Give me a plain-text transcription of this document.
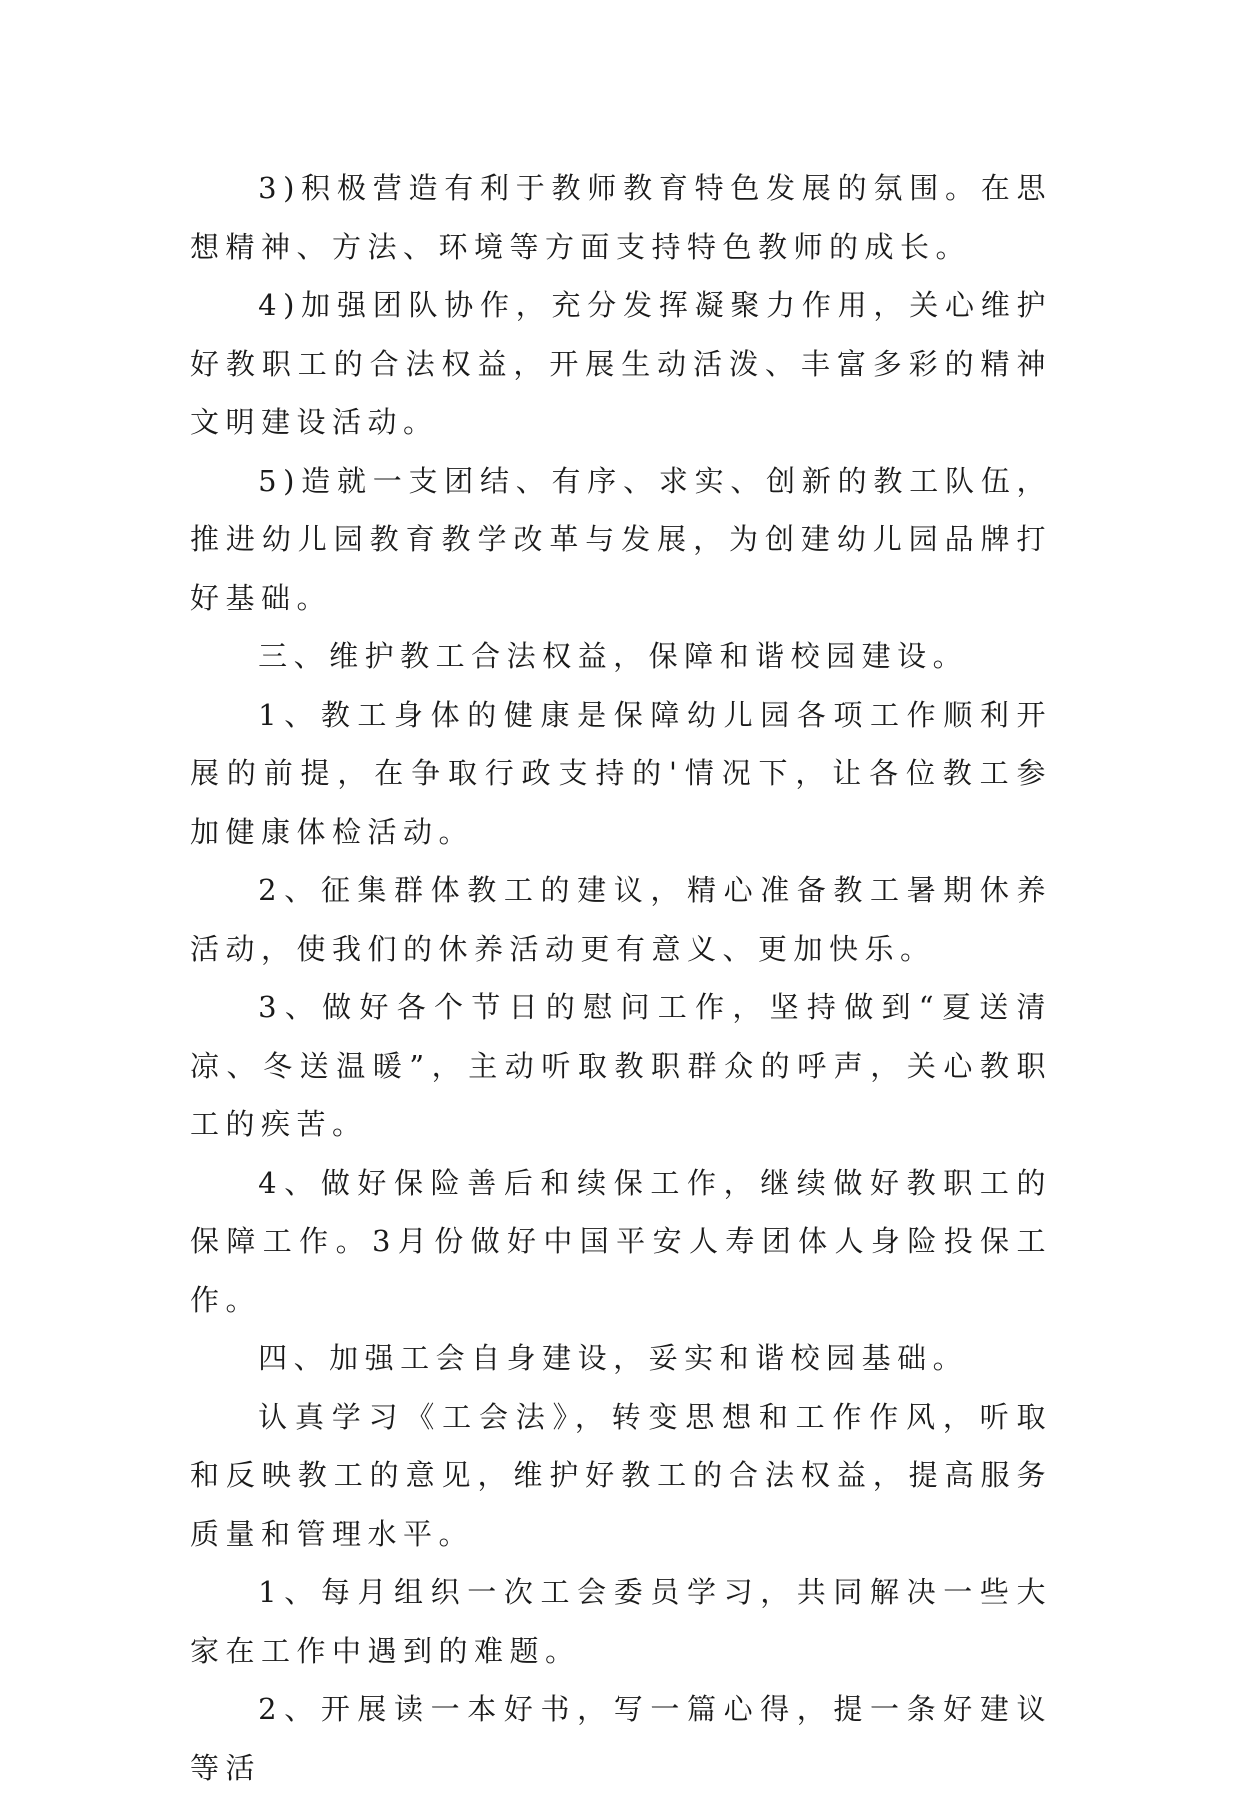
3)积极营造有利于教师教育特色发展的氛围。在思想精神、方法、环境等方面支持特色教师的成长。

4)加强团队协作，充分发挥凝聚力作用，关心维护好教职工的合法权益，开展生动活泼、丰富多彩的精神文明建设活动。

5)造就一支团结、有序、求实、创新的教工队伍，推进幼儿园教育教学改革与发展，为创建幼儿园品牌打好基础。

三、维护教工合法权益，保障和谐校园建设。

1、教工身体的健康是保障幼儿园各项工作顺利开展的前提，在争取行政支持的'情况下，让各位教工参加健康体检活动。

2、征集群体教工的建议，精心准备教工暑期休养活动，使我们的休养活动更有意义、更加快乐。

3、做好各个节日的慰问工作，坚持做到“夏送清凉、冬送温暖”，主动听取教职群众的呼声，关心教职工的疾苦。

4、做好保险善后和续保工作，继续做好教职工的保障工作。3月份做好中国平安人寿团体人身险投保工作。

四、加强工会自身建设，妥实和谐校园基础。

认真学习《工会法》，转变思想和工作作风，听取和反映教工的意见，维护好教工的合法权益，提高服务质量和管理水平。

1、每月组织一次工会委员学习，共同解决一些大家在工作中遇到的难题。

2、开展读一本好书，写一篇心得，提一条好建议等活
